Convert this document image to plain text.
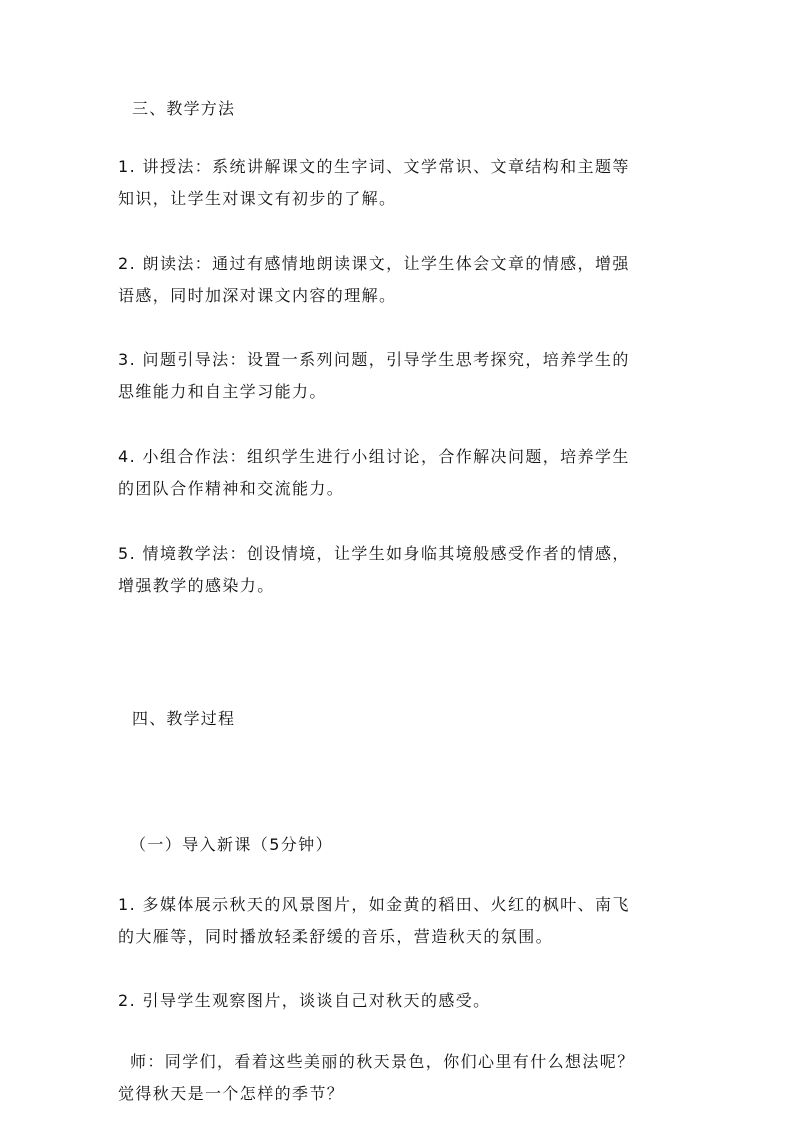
三、教学方法
1. 讲授法：系统讲解课文的生字词、文学常识、文章结构和主题等
知识，让学生对课文有初步的了解。
2. 朗读法：通过有感情地朗读课文，让学生体会文章的情感，增强
语感，同时加深对课文内容的理解。
3. 问题引导法：设置一系列问题，引导学生思考探究，培养学生的
思维能力和自主学习能力。
4. 小组合作法：组织学生进行小组讨论，合作解决问题，培养学生
的团队合作精神和交流能力。
5. 情境教学法：创设情境，让学生如身临其境般感受作者的情感，
增强教学的感染力。
四、教学过程
（一）导入新课（5分钟）
1. 多媒体展示秋天的风景图片，如金黄的稻田、火红的枫叶、南飞
的大雁等，同时播放轻柔舒缓的音乐，营造秋天的氛围。
2. 引导学生观察图片，谈谈自己对秋天的感受。
师：同学们，看着这些美丽的秋天景色，你们心里有什么想法呢？
觉得秋天是一个怎样的季节？
